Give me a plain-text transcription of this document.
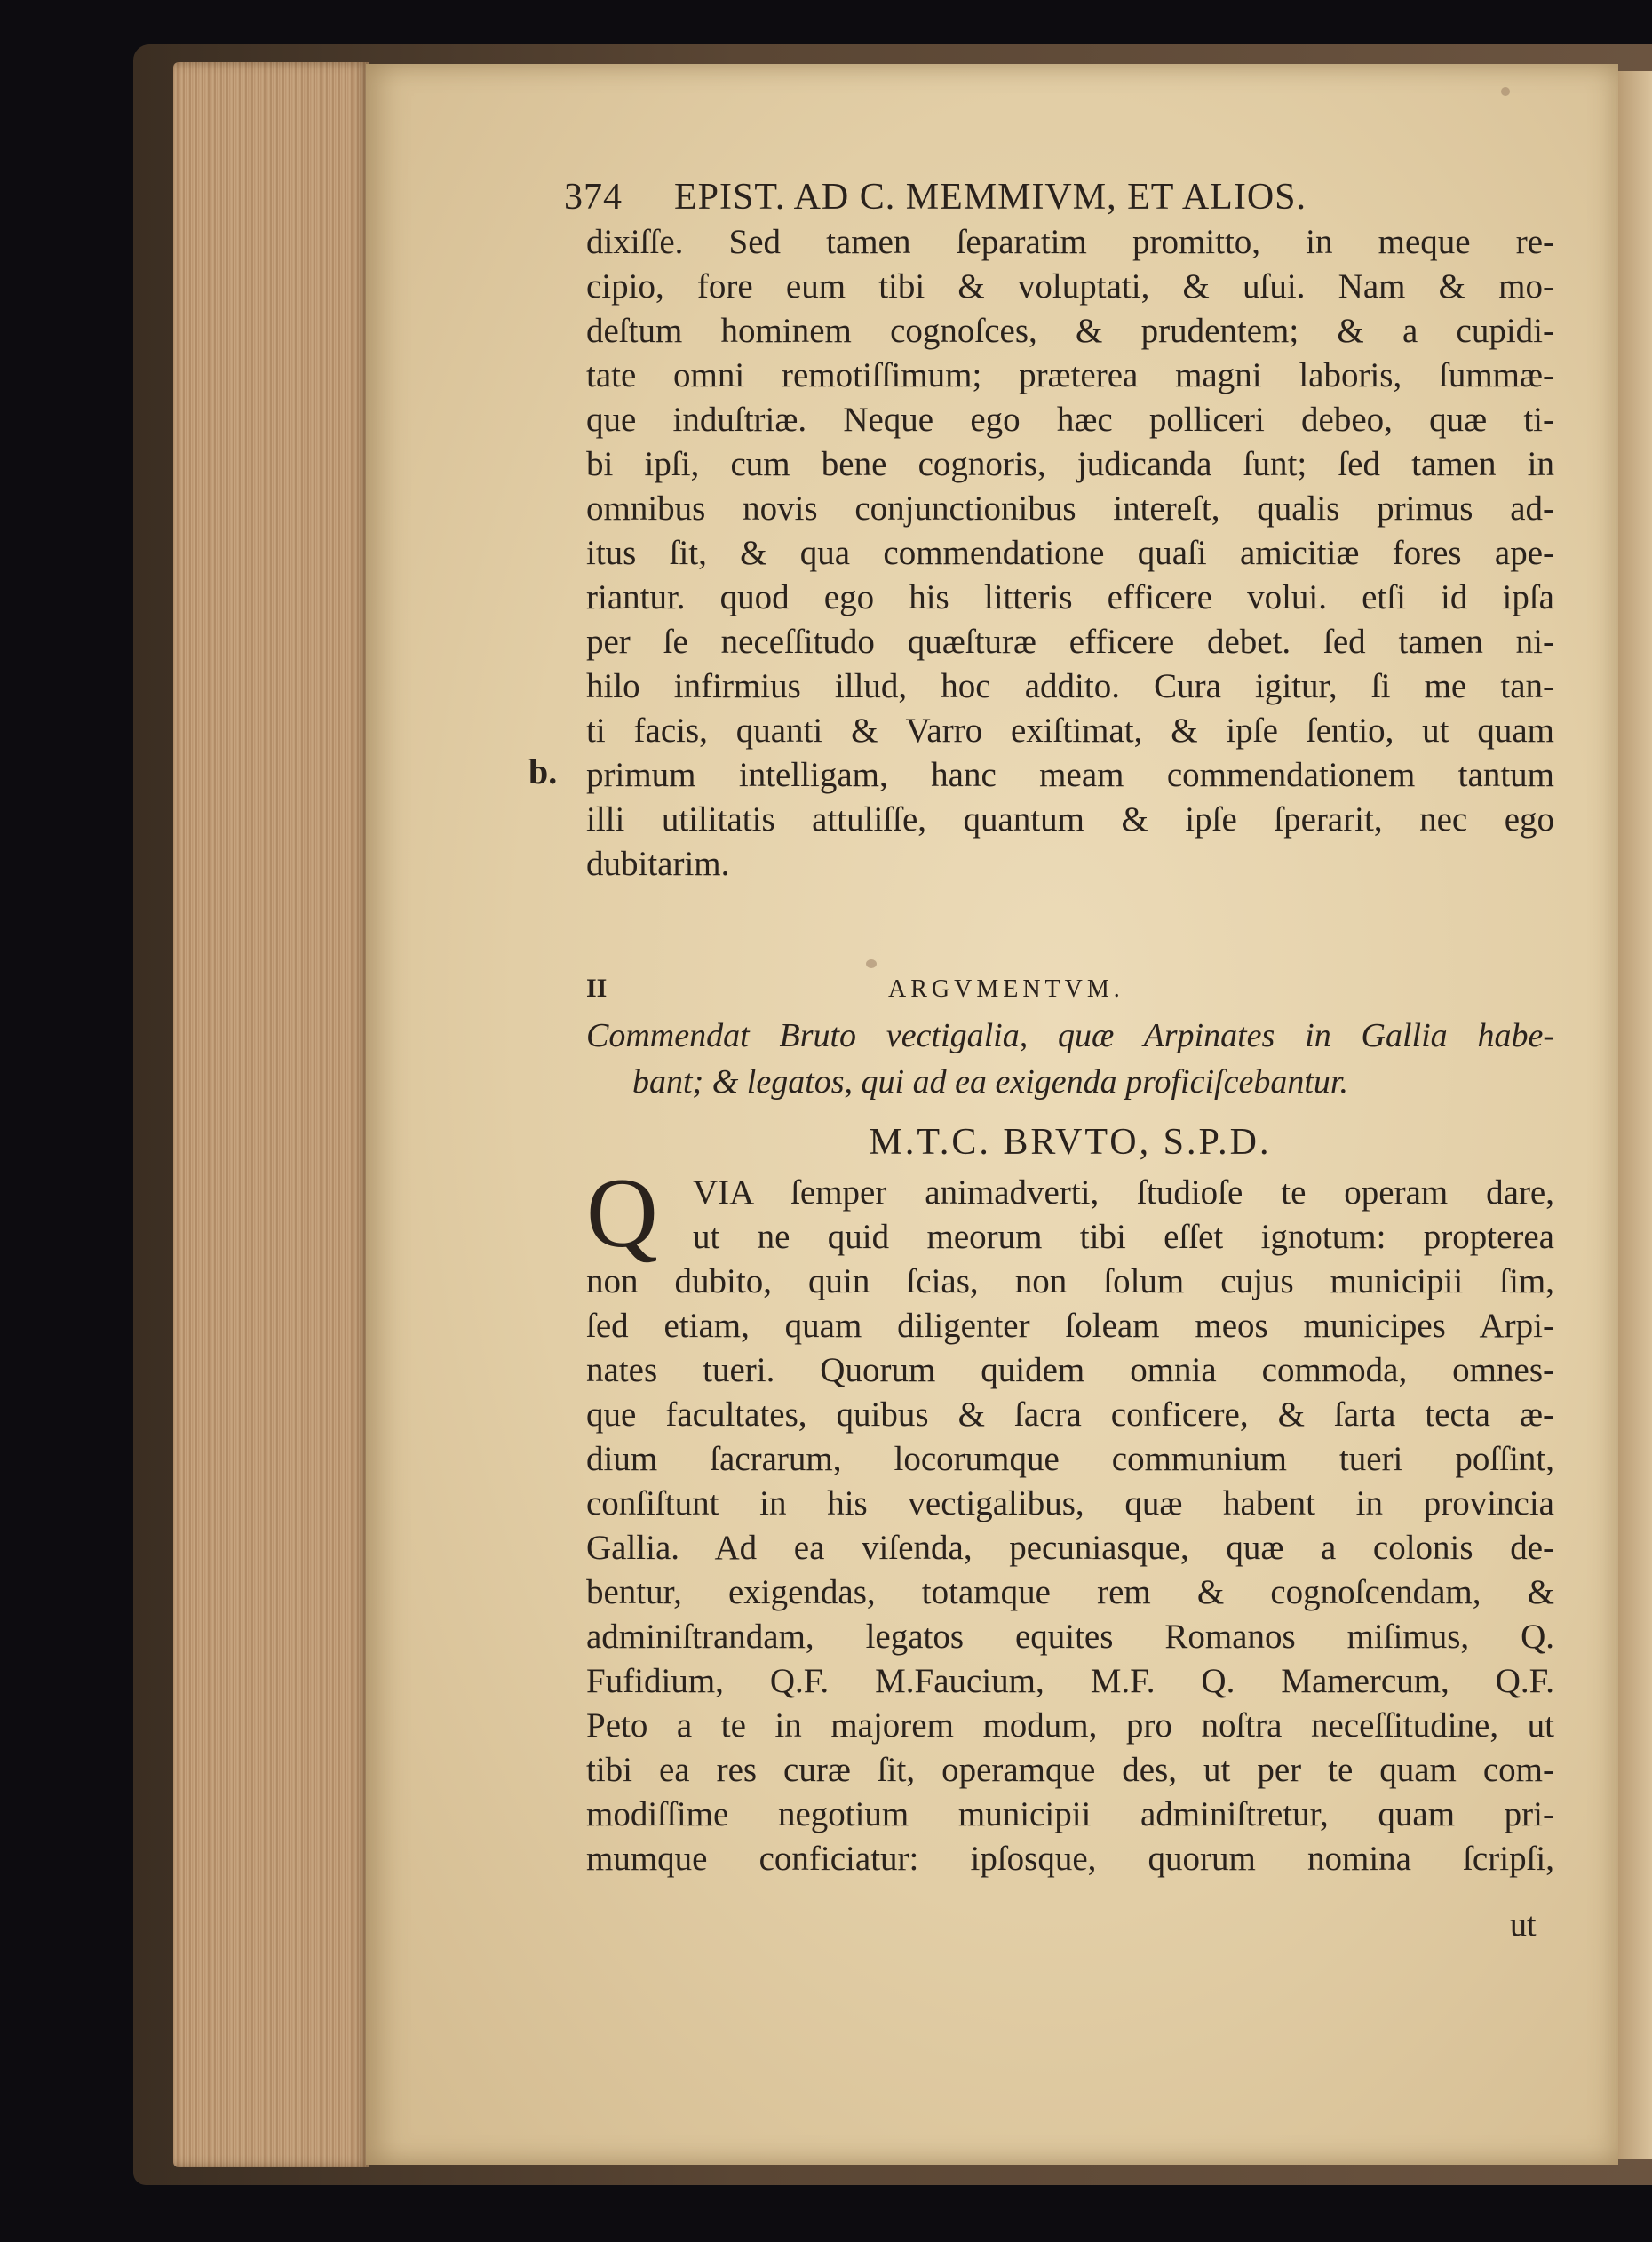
374 EPIST. AD C. MEMMIVM, ET ALIOS.
dixiſſe. Sed tamen ſeparatim promitto, in meque re-
cipio, fore eum tibi & voluptati, & uſui. Nam & mo-
deſtum hominem cognoſces, & prudentem; & a cupidi-
tate omni remotiſſimum; præterea magni laboris, ſummæ-
que induſtriæ. Neque ego hæc polliceri debeo, quæ ti-
bi ipſi, cum bene cognoris, judicanda ſunt; ſed tamen in
omnibus novis conjunctionibus intereſt, qualis primus ad-
itus ſit, & qua commendatione quaſi amicitiæ fores ape-
riantur. quod ego his litteris efficere volui. etſi id ipſa
per ſe neceſſitudo quæſturæ efficere debet. ſed tamen ni-
hilo infirmius illud, hoc addito. Cura igitur, ſi me tan-
ti facis, quanti & Varro exiſtimat, & ipſe ſentio, ut quam
primum intelligam, hanc meam commendationem tantum
illi utilitatis attuliſſe, quantum & ipſe ſperarit, nec ego
dubitarim.
b.
II	ARGVMENTVM.
Commendat Bruto vectigalia, quæ Arpinates in Gallia habe-
bant; & legatos, qui ad ea exigenda proficiſcebantur.
M.T.C. BRVTO, S.P.D.
Q	VIA ſemper animadverti, ſtudioſe te operam dare,
ut ne quid meorum tibi eſſet ignotum: propterea
non dubito, quin ſcias, non ſolum cujus municipii ſim,
ſed etiam, quam diligenter ſoleam meos municipes Arpi-
nates tueri. Quorum quidem omnia commoda, omnes-
que facultates, quibus & ſacra conficere, & ſarta tecta æ-
dium ſacrarum, locorumque communium tueri poſſint,
conſiſtunt in his vectigalibus, quæ habent in provincia
Gallia. Ad ea viſenda, pecuniasque, quæ a colonis de-
bentur, exigendas, totamque rem & cognoſcendam, &
adminiſtrandam, legatos equites Romanos miſimus, Q.
Fufidium, Q.F. M.Faucium, M.F. Q. Mamercum, Q.F.
Peto a te in majorem modum, pro noſtra neceſſitudine, ut
tibi ea res curæ ſit, operamque des, ut per te quam com-
modiſſime negotium municipii adminiſtretur, quam pri-
mumque conficiatur: ipſosque, quorum nomina ſcripſi,
ut
